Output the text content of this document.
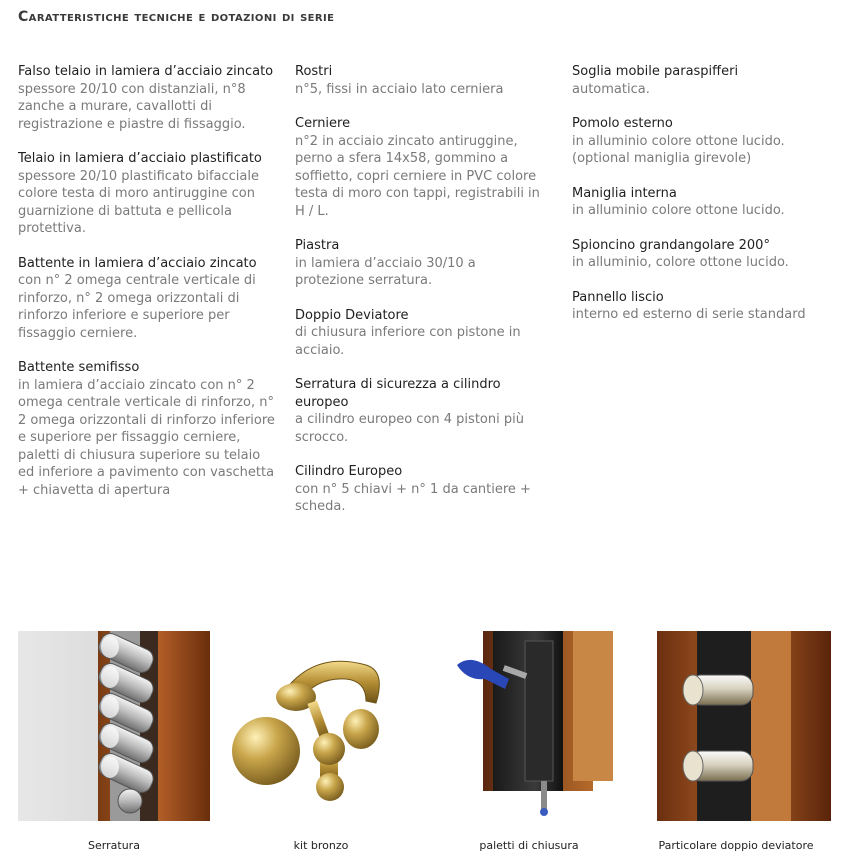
Caratteristiche tecniche e dotazioni di serie
Falso telaio in lamiera d’acciaio zincato
spessore 20/10 con distanziali, n°8 zanche a murare, cavallotti di registrazione e piastre di fissaggio.
Telaio in lamiera d’acciaio plastificato
spessore 20/10 plastificato bifacciale colore testa di moro antiruggine con guarnizione di battuta e pellicola protettiva.
Battente in lamiera d’acciaio zincato
con n° 2 omega centrale verticale di rinforzo, n° 2 omega orizzontali di rinforzo inferiore e superiore per fissaggio cerniere.
Battente semifisso
in lamiera d’acciaio zincato con n° 2 omega centrale verticale di rinforzo, n° 2 omega orizzontali di rinforzo inferiore e superiore per fissaggio cerniere, paletti di chiusura superiore su telaio ed inferiore a pavimento con vaschetta + chiavetta di apertura
Rostri
n°5, fissi in acciaio lato cerniera
Cerniere
n°2 in acciaio zincato antiruggine, perno a sfera 14x58, gommino a soffietto, copri cerniere in PVC colore testa di moro con tappi, registrabili in H / L.
Piastra
in lamiera d’acciaio 30/10 a protezione serratura.
Doppio Deviatore
di chiusura inferiore con pistone in acciaio.
Serratura di sicurezza a cilindro europeo
a cilindro europeo con 4 pistoni più scrocco.
Cilindro Europeo
con n° 5 chiavi + n° 1 da cantiere + scheda.
Soglia mobile paraspifferi
automatica.
Pomolo esterno
in alluminio colore ottone lucido. (optional maniglia girevole)
Maniglia interna
in alluminio colore ottone lucido.
Spioncino grandangolare 200°
in alluminio, colore ottone lucido.
Pannello liscio
interno ed esterno di serie standard
Serratura	kit bronzo	paletti di chiusura	Particolare doppio deviatore
